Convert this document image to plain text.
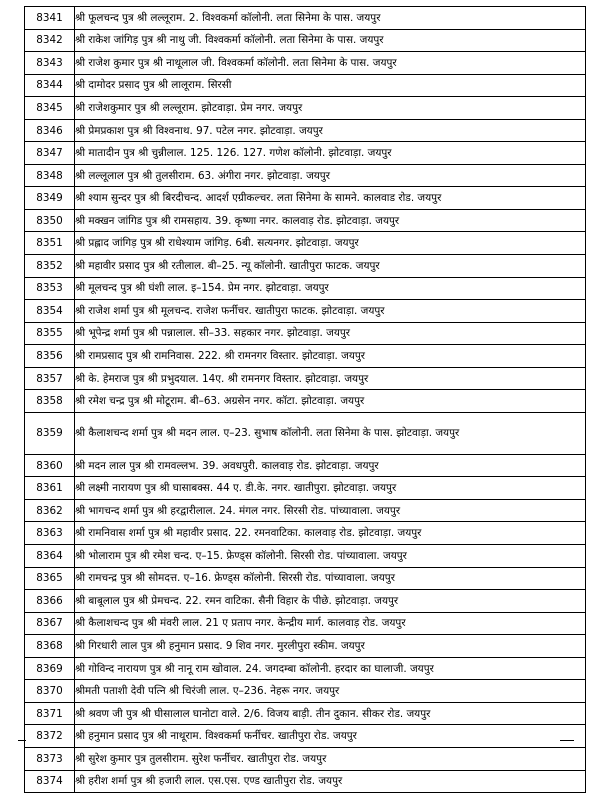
8341	श्री फूलचन्द पुत्र श्री लल्लूराम. 2. विश्वकर्मा कॉलोनी. लता सिनेमा के पास. जयपुर
8342	श्री राकेश जांगिड़ पुत्र श्री नाथु जी. विश्वकर्मा कॉलोनी. लता सिनेमा के पास. जयपुर
8343	श्री राजेश कुमार पुत्र श्री नाथूलाल जी. विश्वकर्मा कॉलोनी. लता सिनेमा के पास. जयपुर
8344	श्री दामोदर प्रसाद पुत्र श्री लालूराम. सिरसी
8345	श्री राजेशकुमार पुत्र श्री लल्लूराम. झोटवाड़ा. प्रेम नगर. जयपुर
8346	श्री प्रेमप्रकाश पुत्र श्री विश्वनाथ. 97. पटेल नगर. झोटवाड़ा. जयपुर
8347	श्री मातादीन पुत्र श्री चुन्नीलाल. 125. 126. 127. गणेश कॉलोनी. झोटवाड़ा. जयपुर
8348	श्री लल्लूलाल पुत्र श्री तुलसीराम. 63. अंगीरा नगर. झोटवाड़ा. जयपुर
8349	श्री श्याम सुन्दर पुत्र श्री बिरदीचन्द. आदर्श एग्रीकल्चर. लता सिनेमा के सामने. कालवाड रोड. जयपुर
8350	श्री मक्खन जांगिड पुत्र श्री रामसहाय. 39. कृष्णा नगर. कालवाड़ रोड. झोटवाड़ा. जयपुर
8351	श्री प्रह्लाद जांगिड़ पुत्र श्री राधेश्याम जांगिड़. 6बी. सत्यनगर. झोटवाड़ा. जयपुर
8352	श्री महावीर प्रसाद पुत्र श्री रतीलाल. बी–25. न्यू कॉलोनी. खातीपुरा फाटक. जयपुर
8353	श्री मूलचन्द पुत्र श्री घंशी लाल. इ–154. प्रेम नगर. झोटवाड़ा. जयपुर
8354	श्री राजेश शर्मा पुत्र श्री मूलचन्द. राजेश फर्नीचर. खातीपुरा फाटक. झोटवाड़ा. जयपुर
8355	श्री भूपेन्द्र शर्मा पुत्र श्री पन्नालाल. सी–33. सहकार नगर. झोटवाड़ा. जयपुर
8356	श्री रामप्रसाद पुत्र श्री रामनिवास. 222. श्री रामनगर विस्तार. झोटवाड़ा. जयपुर
8357	श्री के. हेमराज पुत्र श्री प्रभुदयाल. 14ए. श्री रामनगर विस्तार. झोटवाड़ा. जयपुर
8358	श्री रमेश चन्द्र पुत्र श्री मोटूराम. बी–63. अग्रसेन नगर. कॉटा. झोटवाड़ा. जयपुर
8359	श्री कैलाशचन्द शर्मा पुत्र श्री मदन लाल. ए–23. सुभाष कॉलोनी. लता सिनेमा के पास. झोटवाड़ा. जयपुर
8360	श्री मदन लाल पुत्र श्री रामवल्लभ. 39. अवधपुरी. कालवाड़ रोड. झोटवाड़ा. जयपुर
8361	श्री लक्ष्मी नारायण पुत्र श्री घासाबक्स. 44 ए. डी.के. नगर. खातीपुरा. झोटवाड़ा. जयपुर
8362	श्री भागचन्द शर्मा पुत्र श्री हरद्वारीलाल. 24. मंगल नगर. सिरसी रोड. पांच्यावाला. जयपुर
8363	श्री रामनिवास शर्मा पुत्र श्री महावीर प्रसाद. 22. रमनवाटिका. कालवाड़ रोड. झोटवाड़ा. जयपुर
8364	श्री भोलाराम पुत्र श्री रमेश चन्द. ए–15. फ्रेण्ड्स कॉलोनी. सिरसी रोड. पांच्यावाला. जयपुर
8365	श्री रामचन्द्र पुत्र श्री सोमदत्त. ए–16. फ्रेण्ड्स कॉलोनी. सिरसी रोड. पांच्यावाला. जयपुर
8366	श्री बाबूलाल पुत्र श्री प्रेमचन्द. 22. रमन वाटिका. सैनी विहार के पीछे. झोटवाड़ा. जयपुर
8367	श्री कैलाशचन्द पुत्र श्री मंवरी लाल. 21 ए प्रताप नगर. केन्द्रीय मार्ग. कालवाड़ रोड. जयपुर
8368	श्री गिरधारी लाल पुत्र श्री हनुमान प्रसाद. 9 शिव नगर. मुरलीपुरा स्कीम. जयपुर
8369	श्री गोविन्द नारायण पुत्र श्री नानू राम खोवाल. 24. जगदम्बा कॉलोनी. हरदार का घालाजी. जयपुर
8370	श्रीमती पताशी देवी पत्नि श्री चिरंजी लाल. ए–236. नेहरू नगर. जयपुर
8371	श्री श्रवण जी पुत्र श्री घीसालाल घानोटा वाले. 2/6. विजय बाड़ी. तीन दुकान. सीकर रोड. जयपुर
8372	श्री हनुमान प्रसाद पुत्र श्री नाथूराम. विश्वकर्मा फर्नीचर. खातीपुरा रोड. जयपुर
8373	श्री सुरेश कुमार पुत्र तुलसीराम. सुरेश फर्नीचर. खातीपुरा रोड. जयपुर
8374	श्री हरीश शर्मा पुत्र श्री हजारी लाल. एस.एस. एण्ड खातीपुरा रोड. जयपुर
